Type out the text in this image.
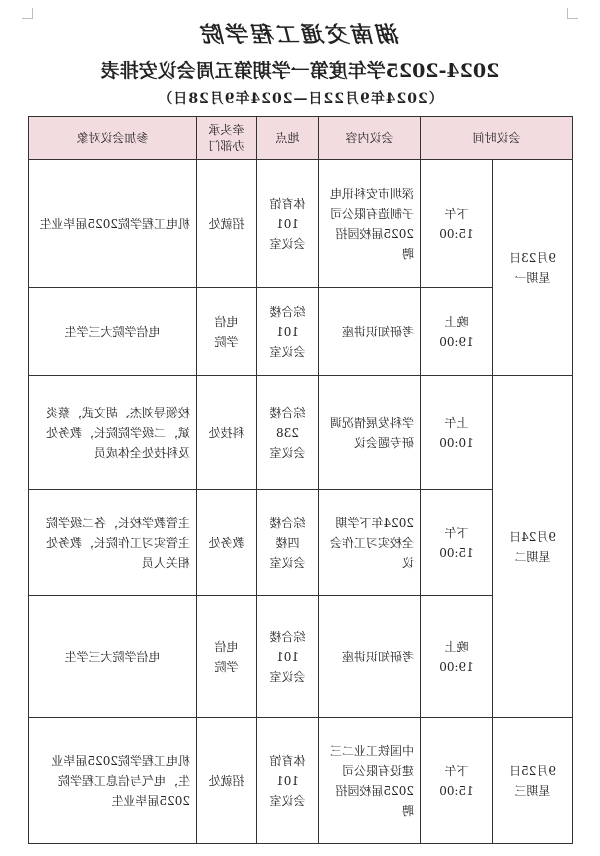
湖南交通工程学院
2024-2025学年度第一学期第五周会议安排表
（2024年9月22日—2024年9月28日）
参加会议对象	牵头承办部门	地点	会议内容	会议时间	

机电工程学院2025届毕业生	招就处	体育馆
101
会议室	深圳市安科讯电子制造有限公司2025届校园招聘	下午
15:00	9月23日
星期一

电信学院大三学生	电信
学院	综合楼
101
会议室	考研知识讲座	晚上
19:00	

校领导刘杰、胡文武，蔡炎斌，二级学院院长，教务处及科技处全体成员	科技处	综合楼
238
会议室	学科发展情况调研专题会议	上午
10:00	9月24日
星期二

主管教学校长，各二级学院主管实习工作院长，教务处相关人员	教务处	综合楼
四楼
会议室	2024年下学期全校实习工作会议	下午
15:00	

电信学院大三学生	电信
学院	综合楼
101
会议室	考研知识讲座	晚上
19:00	

机电工程学院2025届毕业生，电气与信息工程学院2025届毕业生	招就处	体育馆
101
会议室	中国铁工业二三建设有限公司2025届校园招聘	下午
15:00	9月25日
星期三
